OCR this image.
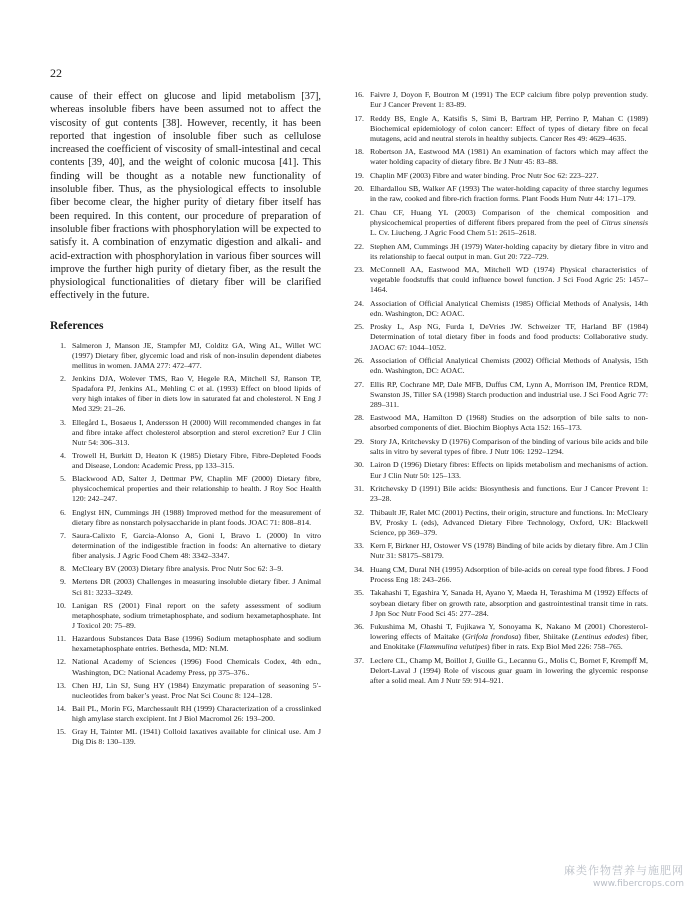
22

cause of their effect on glucose and lipid metabolism [37], whereas insoluble fibers have been assumed not to affect the viscosity of gut contents [38]. However, recently, it has been reported that ingestion of insoluble fiber such as cellulose increased the coefficient of viscosity of small-intestinal and cecal contents [39, 40], and the weight of colonic mucosa [41]. This finding will be thought as a notable new functionality of insoluble fiber. Thus, as the physiological effects to insoluble fiber become clear, the higher purity of dietary fiber itself has been required. In this content, our procedure of preparation of insoluble fiber fractions with phosphorylation will be expected to satisfy it. A combination of enzymatic digestion and alkali- and acid-extraction with phosphorylation in various fiber sources will improve the further high purity of dietary fiber, as the result the physiological functionalities of dietary fiber will be clarified effectively in the future.

References
1. Salmeron J, Manson JE, Stampfer MJ, Colditz GA, Wing AL, Willet WC (1997) Dietary fiber, glycemic load and risk of non-insulin dependent diabetes mellitus in women. JAMA 277: 472–477.
2. Jenkins DJA, Wolever TMS, Rao V, Hegele RA, Mitchell SJ, Ranson TP, Spadafora PJ, Jenkins AL, Mehling C et al. (1993) Effect on blood lipids of very high intakes of fiber in diets low in saturated fat and cholesterol. N Eng J Med 329: 21–26.
3. Ellegård L, Bosaeus I, Andersson H (2000) Will recommended changes in fat and fibre intake affect cholesterol absorption and sterol excretion? Eur J Clin Nutr 54: 306–313.
4. Trowell H, Burkitt D, Heaton K (1985) Dietary Fibre, Fibre-Depleted Foods and Disease, London: Academic Press, pp 133–315.
5. Blackwood AD, Salter J, Dettmar PW, Chaplin MF (2000) Dietary fibre, physicochemical properties and their relationship to health. J Roy Soc Health 120: 242–247.
6. Englyst HN, Cummings JH (1988) Improved method for the measurement of dietary fibre as nonstarch polysaccharide in plant foods. JOAC 71: 808–814.
7. Saura-Calixto F, Garcia-Alonso A, Goni I, Bravo L (2000) In vitro determination of the indigestible fraction in foods: An alternative to dietary fiber analysis. J Agric Food Chem 48: 3342–3347.
8. McCleary BV (2003) Dietary fibre analysis. Proc Nutr Soc 62: 3–9.
9. Mertens DR (2003) Challenges in measuring insoluble dietary fiber. J Animal Sci 81: 3233–3249.
10. Lanigan RS (2001) Final report on the safety assessment of sodium metaphosphate, sodium trimetaphosphate, and sodium hexametaphosphate. Int J Toxicol 20: 75–89.
11. Hazardous Substances Data Base (1996) Sodium metaphosphate and sodium hexametaphosphate entries. Bethesda, MD: NLM.
12. National Academy of Sciences (1996) Food Chemicals Codex, 4th edn., Washington, DC: National Academy Press, pp 375–376..
13. Chen HJ, Lin SJ, Sung HY (1984) Enzymatic preparation of seasoning 5′-nucleotides from baker’s yeast. Proc Nat Sci Counc 8: 124–128.
14. Bail PL, Morin FG, Marchessault RH (1999) Characterization of a crosslinked high amylase starch excipient. Int J Biol Macromol 26: 193–200.
15. Gray H, Tainter ML (1941) Colloid laxatives available for clinical use. Am J Dig Dis 8: 130–139.
16. Faivre J, Doyon F, Boutron M (1991) The ECP calcium fibre polyp prevention study. Eur J Cancer Prevent 1: 83-89.
17. Reddy BS, Engle A, Katsifis S, Simi B, Bartram HP, Perrino P, Mahan C (1989) Biochemical epidemiology of colon cancer: Effect of types of dietary fibre on fecal mutagens, acid and neutral sterols in healthy subjects. Cancer Res 49: 4629–4635.
18. Robertson JA, Eastwood MA (1981) An examination of factors which may affect the water holding capacity of dietary fibre. Br J Nutr 45: 83–88.
19. Chaplin MF (2003) Fibre and water binding. Proc Nutr Soc 62: 223–227.
20. Elhardallou SB, Walker AF (1993) The water-holding capacity of three starchy legumes in the raw, cooked and fibre-rich fraction forms. Plant Foods Hum Nutr 44: 171–179.
21. Chau CF, Huang YL (2003) Comparison of the chemical composition and physicochemical properties of different fibers prepared from the peel of Citrus sinensis L. Cv. Liucheng. J Agric Food Chem 51: 2615–2618.
22. Stephen AM, Cummings JH (1979) Water-holding capacity by dietary fibre in vitro and its relationship to faecal output in man. Gut 20: 722–729.
23. McConnell AA, Eastwood MA, Mitchell WD (1974) Physical characteristics of vegetable foodstuffs that could influence bowel function. J Sci Food Agric 25: 1457–1464.
24. Association of Official Analytical Chemists (1985) Official Methods of Analysis, 14th edn. Washington, DC: AOAC.
25. Prosky L, Asp NG, Furda I, DeVries JW. Schweizer TF, Harland BF (1984) Determination of total dietary fiber in foods and food products: Collaborative study. JAOAC 67: 1044–1052.
26. Association of Official Analytical Chemists (2002) Official Methods of Analysis, 15th edn. Washington, DC: AOAC.
27. Ellis RP, Cochrane MP, Dale MFB, Duffus CM, Lynn A, Morrison IM, Prentice RDM, Swanston JS, Tiller SA (1998) Starch production and industrial use. J Sci Food Agric 77: 289–311.
28. Eastwood MA, Hamilton D (1968) Studies on the adsorption of bile salts to non-absorbed components of diet. Biochim Biophys Acta 152: 165–173.
29. Story JA, Kritchevsky D (1976) Comparison of the binding of various bile acids and bile salts in vitro by several types of fibre. J Nutr 106: 1292–1294.
30. Lairon D (1996) Dietary fibres: Effects on lipids metabolism and mechanisms of action. Eur J Clin Nutr 50: 125–133.
31. Kritchevsky D (1991) Bile acids: Biosynthesis and functions. Eur J Cancer Prevent 1: 23–28.
32. Thibault JF, Ralet MC (2001) Pectins, their origin, structure and functions. In: McCleary BV, Prosky L (eds), Advanced Dietary Fibre Technology, Oxford, UK: Blackwell Science, pp 369–379.
33. Kern F, Birkner HJ, Ostower VS (1978) Binding of bile acids by dietary fibre. Am J Clin Nutr 31: S8175–S8179.
34. Huang CM, Dural NH (1995) Adsorption of bile-acids on cereal type food fibres. J Food Process Eng 18: 243–266.
35. Takahashi T, Egashira Y, Sanada H, Ayano Y, Maeda H, Terashima M (1992) Effects of soybean dietary fiber on growth rate, absorption and gastrointestinal transit time in rats. J Jpn Soc Nutr Food Sci 45: 277–284.
36. Fukushima M, Ohashi T, Fujikawa Y, Sonoyama K, Nakano M (2001) Choresterol-lowering effects of Maitake (Grifola frondosa) fiber, Shiitake (Lentinus edodes) fiber, and Enokitake (Flammulina velutipes) fiber in rats. Exp Biol Med 226: 758–765.
37. Leclere CL, Champ M, Boillot J, Guille G., Lecannu G., Molis C, Bornet F, Krempff M, Delort-Laval J (1994) Role of viscous guar guam in lowering the glycemic response after a solid meal. Am J Nutr 59: 914–921.
麻类作物营养与施肥网
www.fibercrops.com
